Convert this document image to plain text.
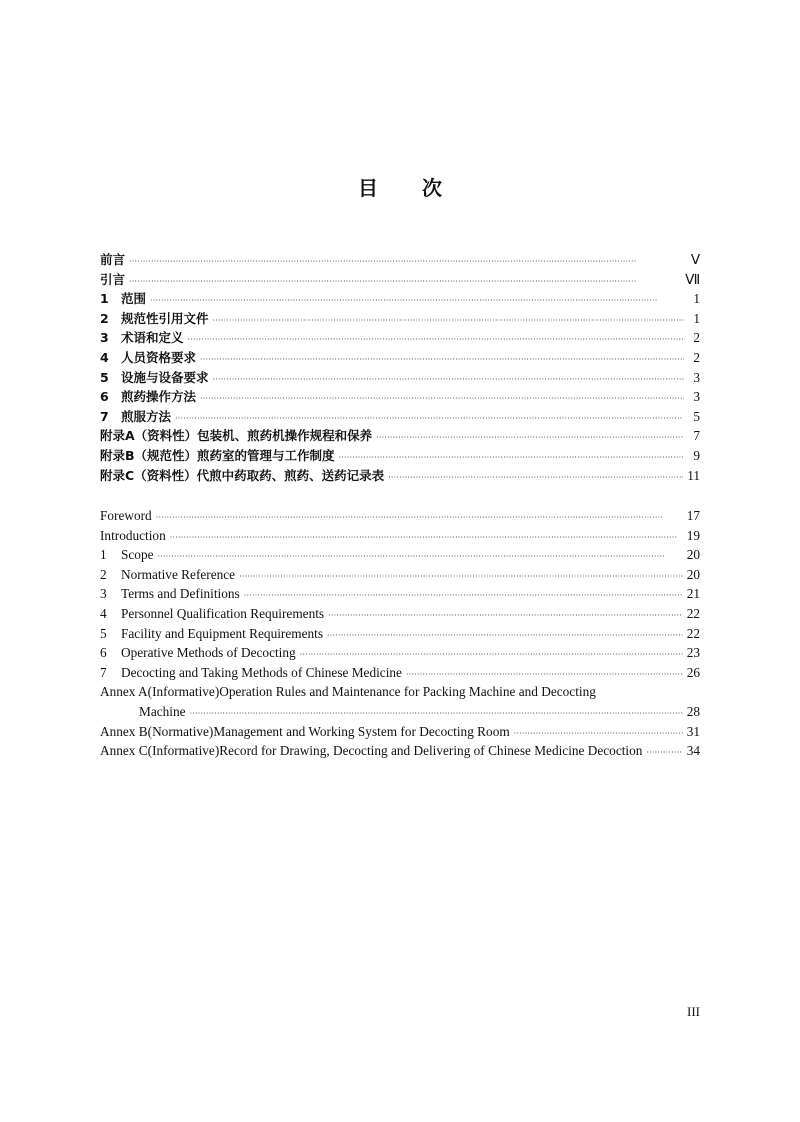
目 次
前言 ·····	Ⅴ
引言 ·····	Ⅶ
1 范围 ·····	1
2 规范性引用文件 ·····	1
3 术语和定义 ·····	2
4 人员资格要求 ·····	2
5 设施与设备要求 ·····	3
6 煎药操作方法 ·····	3
7 煎服方法 ·····	5
附录A（资料性）包装机、煎药机操作规程和保养 ·····	7
附录B（规范性）煎药室的管理与工作制度 ·····	9
附录C（资料性）代煎中药取药、煎药、送药记录表 ·····	11
Foreword ·····	17
Introduction ·····	19
1	Scope ·····	20
2	Normative Reference ·····	20
3	Terms and Definitions ·····	21
4	Personnel Qualification Requirements ·····	22
5	Facility and Equipment Requirements ·····	22
6	Operative Methods of Decocting ·····	23
7	Decocting and Taking Methods of Chinese Medicine ·····	26
Annex A(Informative)Operation Rules and Maintenance for Packing Machine and Decocting
Machine ·····	28
Annex B(Normative)Management and Working System for Decocting Room ·····	31
Annex C(Informative)Record for Drawing, Decocting and Delivering of Chinese Medicine Decoction ·····	34
III
